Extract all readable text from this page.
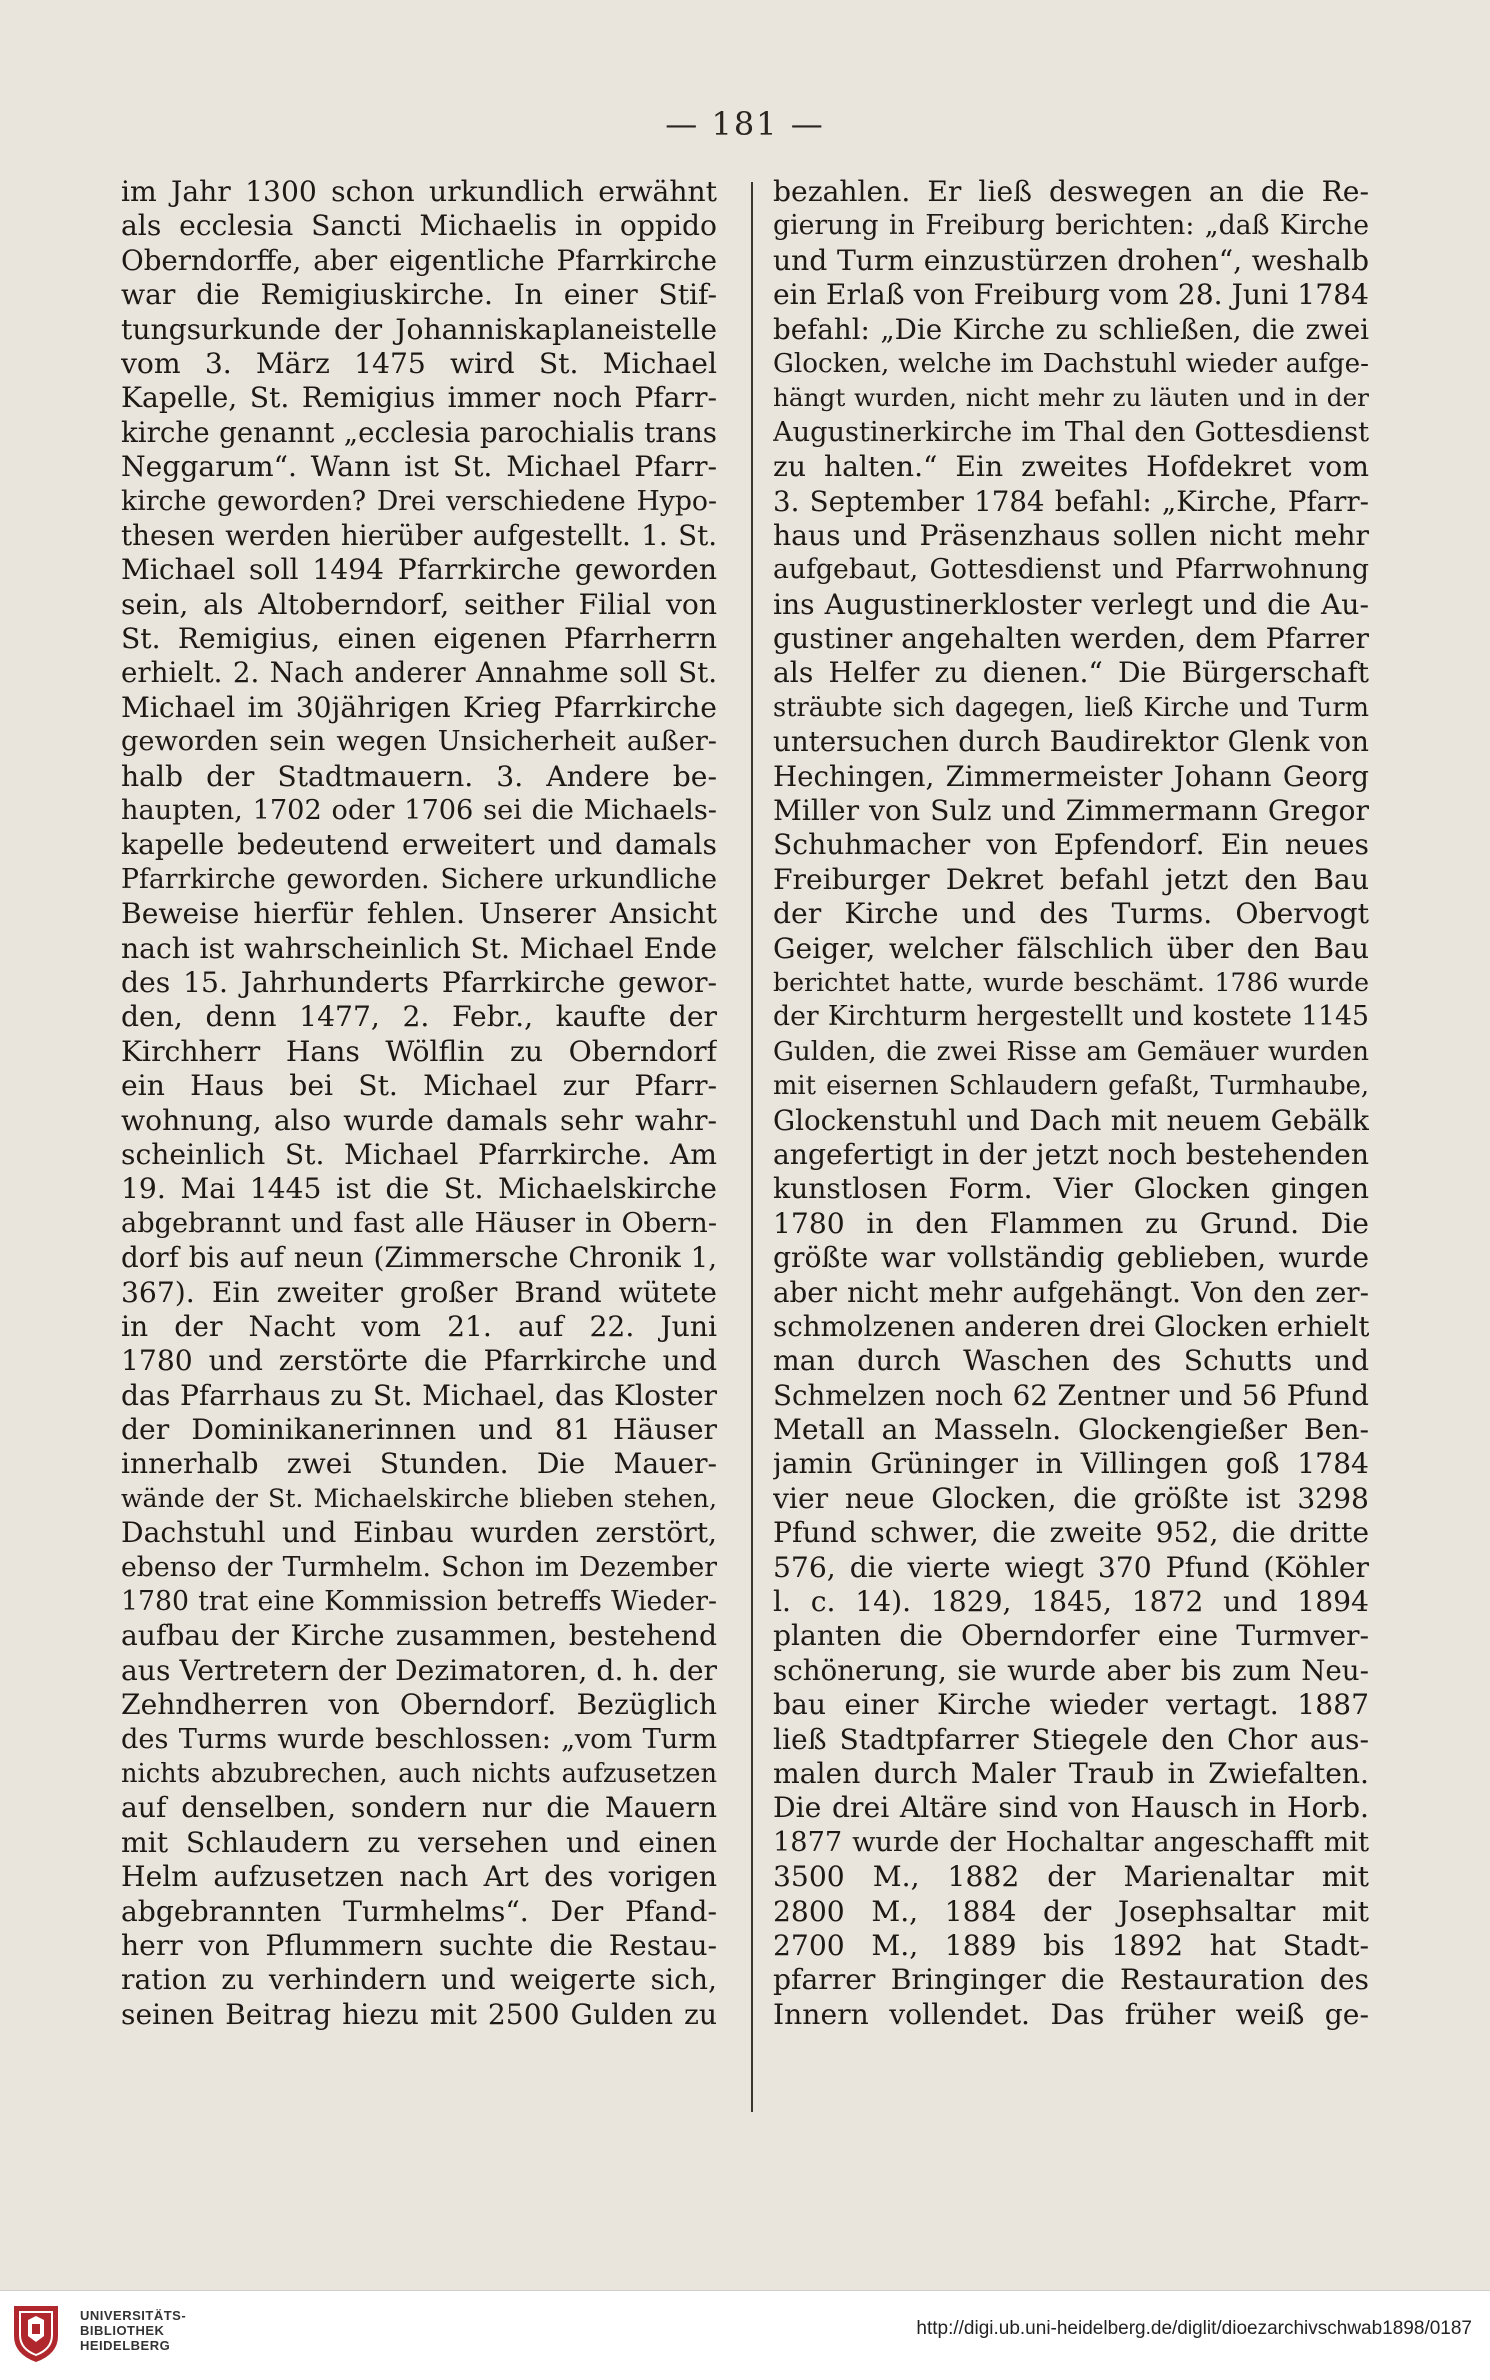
— 181 —
im Jahr 1300 schon urkundlich erwähnt
als ecclesia Sancti Michaelis in oppido
Oberndorffe, aber eigentliche Pfarrkirche
war die Remigiuskirche. In einer Stif-
tungsurkunde der Johanniskaplaneistelle
vom 3. März 1475 wird St. Michael
Kapelle, St. Remigius immer noch Pfarr-
kirche genannt „ecclesia parochialis trans
Neggarum“. Wann ist St. Michael Pfarr-
kirche geworden? Drei verschiedene Hypo-
thesen werden hierüber aufgestellt. 1. St.
Michael soll 1494 Pfarrkirche geworden
sein, als Altoberndorf, seither Filial von
St. Remigius, einen eigenen Pfarrherrn
erhielt. 2. Nach anderer Annahme soll St.
Michael im 30jährigen Krieg Pfarrkirche
geworden sein wegen Unsicherheit außer-
halb der Stadtmauern. 3. Andere be-
haupten, 1702 oder 1706 sei die Michaels-
kapelle bedeutend erweitert und damals
Pfarrkirche geworden. Sichere urkundliche
Beweise hierfür fehlen. Unserer Ansicht
nach ist wahrscheinlich St. Michael Ende
des 15. Jahrhunderts Pfarrkirche gewor-
den, denn 1477, 2. Febr., kaufte der
Kirchherr Hans Wölflin zu Oberndorf
ein Haus bei St. Michael zur Pfarr-
wohnung, also wurde damals sehr wahr-
scheinlich St. Michael Pfarrkirche. Am
19. Mai 1445 ist die St. Michaelskirche
abgebrannt und fast alle Häuser in Obern-
dorf bis auf neun (Zimmersche Chronik 1,
367). Ein zweiter großer Brand wütete
in der Nacht vom 21. auf 22. Juni
1780 und zerstörte die Pfarrkirche und
das Pfarrhaus zu St. Michael, das Kloster
der Dominikanerinnen und 81 Häuser
innerhalb zwei Stunden. Die Mauer-
wände der St. Michaelskirche blieben stehen,
Dachstuhl und Einbau wurden zerstört,
ebenso der Turmhelm. Schon im Dezember
1780 trat eine Kommission betreffs Wieder-
aufbau der Kirche zusammen, bestehend
aus Vertretern der Dezimatoren, d. h. der
Zehndherren von Oberndorf. Bezüglich
des Turms wurde beschlossen: „vom Turm
nichts abzubrechen, auch nichts aufzusetzen
auf denselben, sondern nur die Mauern
mit Schlaudern zu versehen und einen
Helm aufzusetzen nach Art des vorigen
abgebrannten Turmhelms“. Der Pfand-
herr von Pflummern suchte die Restau-
ration zu verhindern und weigerte sich,
seinen Beitrag hiezu mit 2500 Gulden zu
bezahlen. Er ließ deswegen an die Re-
gierung in Freiburg berichten: „daß Kirche
und Turm einzustürzen drohen“, weshalb
ein Erlaß von Freiburg vom 28. Juni 1784
befahl: „Die Kirche zu schließen, die zwei
Glocken, welche im Dachstuhl wieder aufge-
hängt wurden, nicht mehr zu läuten und in der
Augustinerkirche im Thal den Gottesdienst
zu halten.“ Ein zweites Hofdekret vom
3. September 1784 befahl: „Kirche, Pfarr-
haus und Präsenzhaus sollen nicht mehr
aufgebaut, Gottesdienst und Pfarrwohnung
ins Augustinerkloster verlegt und die Au-
gustiner angehalten werden, dem Pfarrer
als Helfer zu dienen.“ Die Bürgerschaft
sträubte sich dagegen, ließ Kirche und Turm
untersuchen durch Baudirektor Glenk von
Hechingen, Zimmermeister Johann Georg
Miller von Sulz und Zimmermann Gregor
Schuhmacher von Epfendorf. Ein neues
Freiburger Dekret befahl jetzt den Bau
der Kirche und des Turms. Obervogt
Geiger, welcher fälschlich über den Bau
berichtet hatte, wurde beschämt. 1786 wurde
der Kirchturm hergestellt und kostete 1145
Gulden, die zwei Risse am Gemäuer wurden
mit eisernen Schlaudern gefaßt, Turmhaube,
Glockenstuhl und Dach mit neuem Gebälk
angefertigt in der jetzt noch bestehenden
kunstlosen Form. Vier Glocken gingen
1780 in den Flammen zu Grund. Die
größte war vollständig geblieben, wurde
aber nicht mehr aufgehängt. Von den zer-
schmolzenen anderen drei Glocken erhielt
man durch Waschen des Schutts und
Schmelzen noch 62 Zentner und 56 Pfund
Metall an Masseln. Glockengießer Ben-
jamin Grüninger in Villingen goß 1784
vier neue Glocken, die größte ist 3298
Pfund schwer, die zweite 952, die dritte
576, die vierte wiegt 370 Pfund (Köhler
l. c. 14). 1829, 1845, 1872 und 1894
planten die Oberndorfer eine Turmver-
schönerung, sie wurde aber bis zum Neu-
bau einer Kirche wieder vertagt. 1887
ließ Stadtpfarrer Stiegele den Chor aus-
malen durch Maler Traub in Zwiefalten.
Die drei Altäre sind von Hausch in Horb.
1877 wurde der Hochaltar angeschafft mit
3500 M., 1882 der Marienaltar mit
2800 M., 1884 der Josephsaltar mit
2700 M., 1889 bis 1892 hat Stadt-
pfarrer Bringinger die Restauration des
Innern vollendet. Das früher weiß ge-
UNIVERSITÄTS-
BIBLIOTHEK
HEIDELBERG
http://digi.ub.uni-heidelberg.de/diglit/dioezarchivschwab1898/0187
